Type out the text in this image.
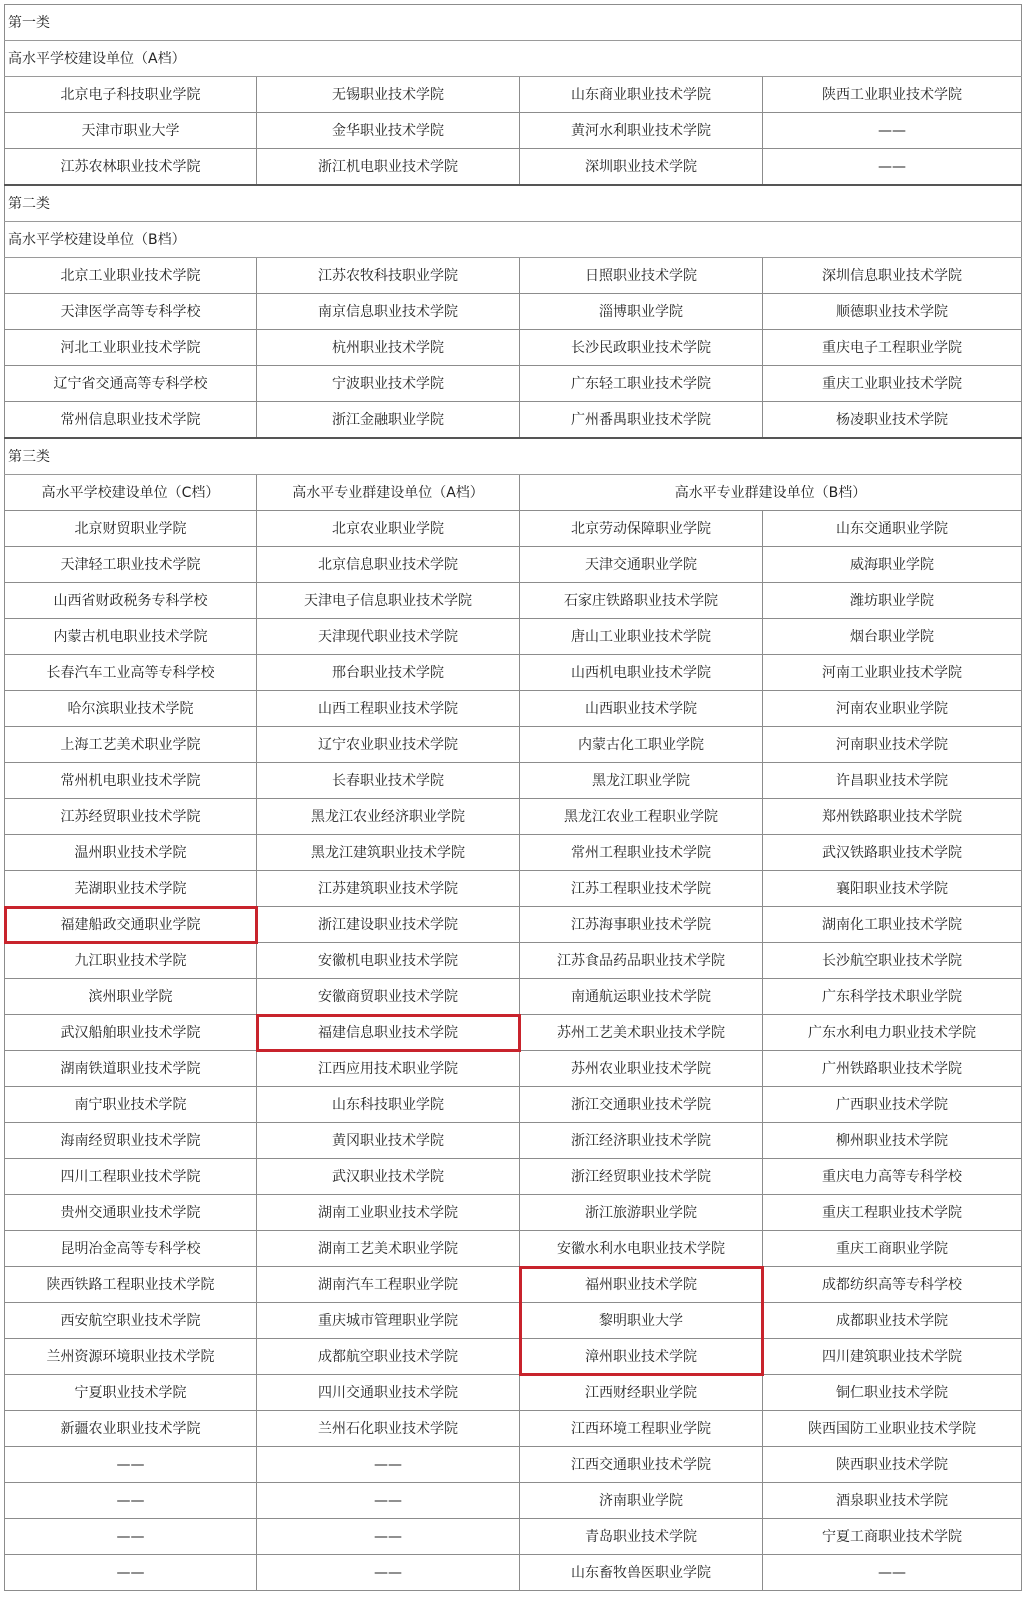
第一类			
高水平学校建设单位（A档）			
北京电子科技职业学院	无锡职业技术学院	山东商业职业技术学院	陕西工业职业技术学院
天津市职业大学	金华职业技术学院	黄河水利职业技术学院	——
江苏农林职业技术学院	浙江机电职业技术学院	深圳职业技术学院	——
第二类			
高水平学校建设单位（B档）			
北京工业职业技术学院	江苏农牧科技职业学院	日照职业技术学院	深圳信息职业技术学院
天津医学高等专科学校	南京信息职业技术学院	淄博职业学院	顺德职业技术学院
河北工业职业技术学院	杭州职业技术学院	长沙民政职业技术学院	重庆电子工程职业学院
辽宁省交通高等专科学校	宁波职业技术学院	广东轻工职业技术学院	重庆工业职业技术学院
常州信息职业技术学院	浙江金融职业学院	广州番禺职业技术学院	杨凌职业技术学院
第三类			
高水平学校建设单位（C档）	高水平专业群建设单位（A档）	高水平专业群建设单位（B档）	
北京财贸职业学院	北京农业职业学院	北京劳动保障职业学院	山东交通职业学院
天津轻工职业技术学院	北京信息职业技术学院	天津交通职业学院	威海职业学院
山西省财政税务专科学校	天津电子信息职业技术学院	石家庄铁路职业技术学院	潍坊职业学院
内蒙古机电职业技术学院	天津现代职业技术学院	唐山工业职业技术学院	烟台职业学院
长春汽车工业高等专科学校	邢台职业技术学院	山西机电职业技术学院	河南工业职业技术学院
哈尔滨职业技术学院	山西工程职业技术学院	山西职业技术学院	河南农业职业学院
上海工艺美术职业学院	辽宁农业职业技术学院	内蒙古化工职业学院	河南职业技术学院
常州机电职业技术学院	长春职业技术学院	黑龙江职业学院	许昌职业技术学院
江苏经贸职业技术学院	黑龙江农业经济职业学院	黑龙江农业工程职业学院	郑州铁路职业技术学院
温州职业技术学院	黑龙江建筑职业技术学院	常州工程职业技术学院	武汉铁路职业技术学院
芜湖职业技术学院	江苏建筑职业技术学院	江苏工程职业技术学院	襄阳职业技术学院
福建船政交通职业学院	浙江建设职业技术学院	江苏海事职业技术学院	湖南化工职业技术学院
九江职业技术学院	安徽机电职业技术学院	江苏食品药品职业技术学院	长沙航空职业技术学院
滨州职业学院	安徽商贸职业技术学院	南通航运职业技术学院	广东科学技术职业学院
武汉船舶职业技术学院	福建信息职业技术学院	苏州工艺美术职业技术学院	广东水利电力职业技术学院
湖南铁道职业技术学院	江西应用技术职业学院	苏州农业职业技术学院	广州铁路职业技术学院
南宁职业技术学院	山东科技职业学院	浙江交通职业技术学院	广西职业技术学院
海南经贸职业技术学院	黄冈职业技术学院	浙江经济职业技术学院	柳州职业技术学院
四川工程职业技术学院	武汉职业技术学院	浙江经贸职业技术学院	重庆电力高等专科学校
贵州交通职业技术学院	湖南工业职业技术学院	浙江旅游职业学院	重庆工程职业技术学院
昆明冶金高等专科学校	湖南工艺美术职业学院	安徽水利水电职业技术学院	重庆工商职业学院
陕西铁路工程职业技术学院	湖南汽车工程职业学院	福州职业技术学院	成都纺织高等专科学校
西安航空职业技术学院	重庆城市管理职业学院	黎明职业大学	成都职业技术学院
兰州资源环境职业技术学院	成都航空职业技术学院	漳州职业技术学院	四川建筑职业技术学院
宁夏职业技术学院	四川交通职业技术学院	江西财经职业学院	铜仁职业技术学院
新疆农业职业技术学院	兰州石化职业技术学院	江西环境工程职业学院	陕西国防工业职业技术学院
——	——	江西交通职业技术学院	陕西职业技术学院
——	——	济南职业学院	酒泉职业技术学院
——	——	青岛职业技术学院	宁夏工商职业技术学院
——	——	山东畜牧兽医职业学院	——
